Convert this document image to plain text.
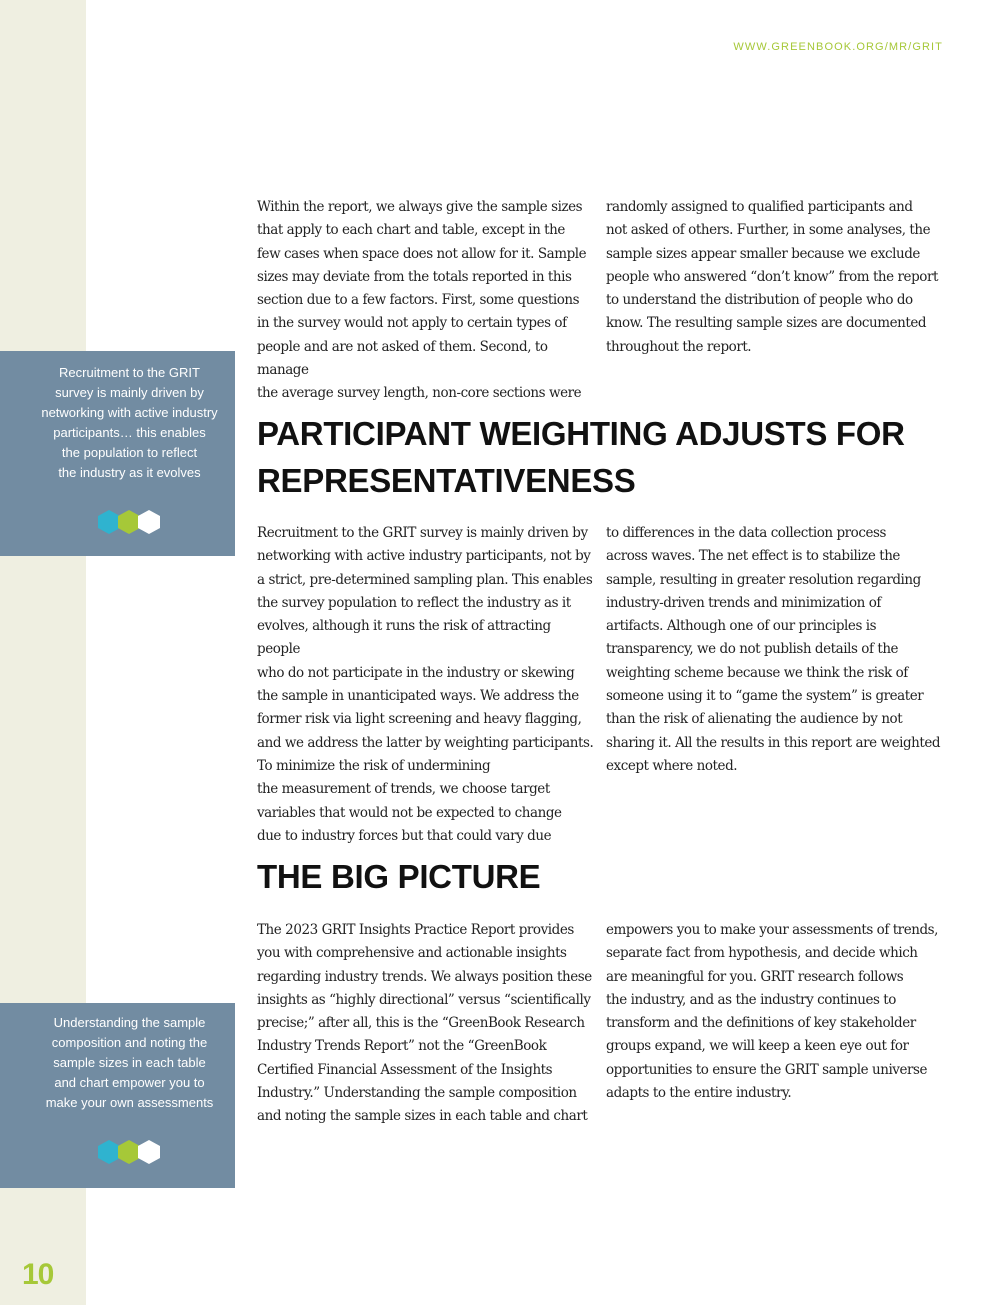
WWW.GREENBOOK.ORG/MR/GRIT

Recruitment to the GRIT
survey is mainly driven by
networking with active industry
participants… this enables
the population to reflect
the industry as it evolves

Understanding the sample
composition and noting the
sample sizes in each table
and chart empower you to
make your own assessments

Within the report, we always give the sample sizes
that apply to each chart and table, except in the
few cases when space does not allow for it. Sample
sizes may deviate from the totals reported in this
section due to a few factors. First, some questions
in the survey would not apply to certain types of
people and are not asked of them. Second, to manage
the average survey length, non-core sections were

randomly assigned to qualified participants and
not asked of others. Further, in some analyses, the
sample sizes appear smaller because we exclude
people who answered “don’t know” from the report
to understand the distribution of people who do
know. The resulting sample sizes are documented
throughout the report.

PARTICIPANT WEIGHTING ADJUSTS FOR
REPRESENTATIVENESS

Recruitment to the GRIT survey is mainly driven by
networking with active industry participants, not by
a strict, pre-determined sampling plan. This enables
the survey population to reflect the industry as it
evolves, although it runs the risk of attracting people
who do not participate in the industry or skewing
the sample in unanticipated ways. We address the
former risk via light screening and heavy flagging,
and we address the latter by weighting participants.
To minimize the risk of undermining
the measurement of trends, we choose target
variables that would not be expected to change
due to industry forces but that could vary due

to differences in the data collection process
across waves. The net effect is to stabilize the
sample, resulting in greater resolution regarding
industry-driven trends and minimization of
artifacts. Although one of our principles is
transparency, we do not publish details of the
weighting scheme because we think the risk of
someone using it to “game the system” is greater
than the risk of alienating the audience by not
sharing it. All the results in this report are weighted
except where noted.

THE BIG PICTURE

The 2023 GRIT Insights Practice Report provides
you with comprehensive and actionable insights
regarding industry trends. We always position these
insights as “highly directional” versus “scientifically
precise;” after all, this is the “GreenBook Research
Industry Trends Report” not the “GreenBook
Certified Financial Assessment of the Insights
Industry.” Understanding the sample composition
and noting the sample sizes in each table and chart

empowers you to make your assessments of trends,
separate fact from hypothesis, and decide which
are meaningful for you. GRIT research follows
the industry, and as the industry continues to
transform and the definitions of key stakeholder
groups expand, we will keep a keen eye out for
opportunities to ensure the GRIT sample universe
adapts to the entire industry.

10
